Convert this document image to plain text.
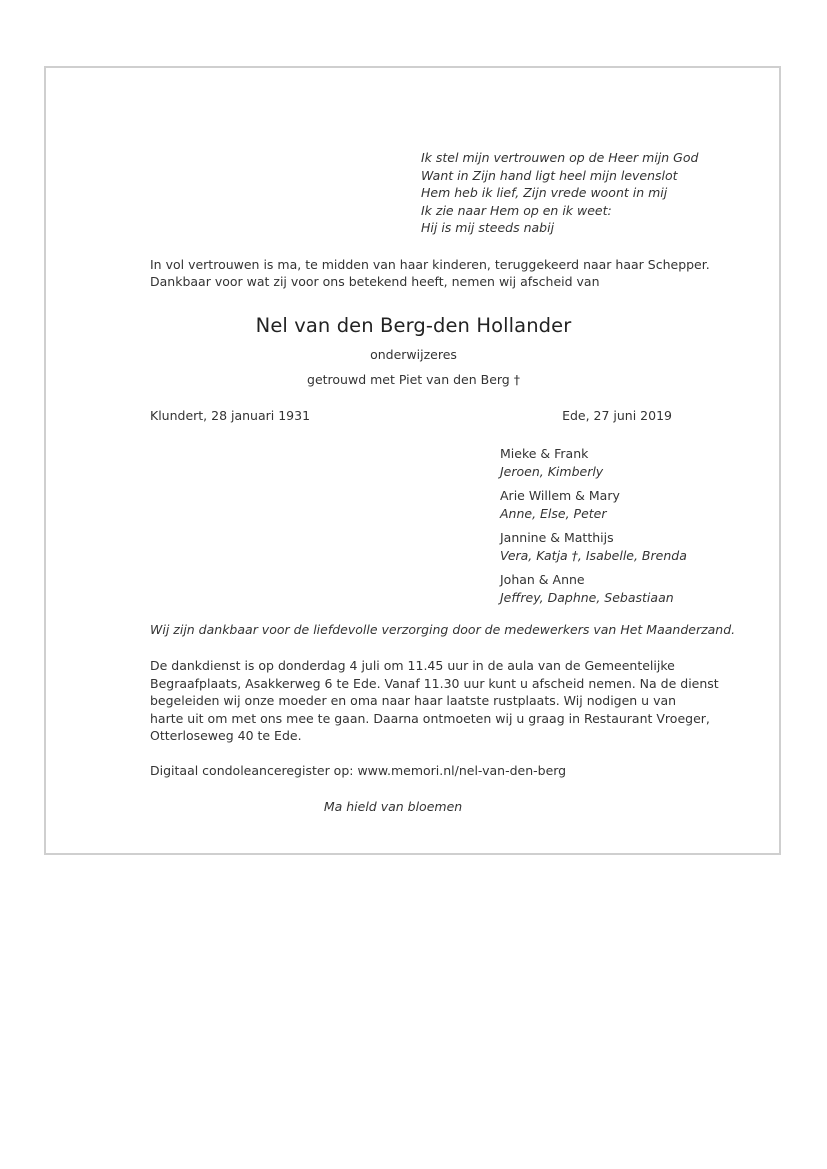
Ik stel mijn vertrouwen op de Heer mijn God
Want in Zijn hand ligt heel mijn levenslot
Hem heb ik lief, Zijn vrede woont in mij
Ik zie naar Hem op en ik weet:
Hij is mij steeds nabij
In vol vertrouwen is ma, te midden van haar kinderen, teruggekeerd naar haar Schepper.
Dankbaar voor wat zij voor ons betekend heeft, nemen wij afscheid van
Nel van den Berg-den Hollander
onderwijzeres
getrouwd met Piet van den Berg †
Klundert, 28 januari 1931	Ede, 27 juni 2019
Mieke & Frank
Jeroen, Kimberly
Arie Willem & Mary
Anne, Else, Peter
Jannine & Matthijs
Vera, Katja †, Isabelle, Brenda
Johan & Anne
Jeffrey, Daphne, Sebastiaan
Wij zijn dankbaar voor de liefdevolle verzorging door de medewerkers van Het Maanderzand.
De dankdienst is op donderdag 4 juli om 11.45 uur in de aula van de Gemeentelijke
Begraafplaats, Asakkerweg 6 te Ede. Vanaf 11.30 uur kunt u afscheid nemen. Na de dienst
begeleiden wij onze moeder en oma naar haar laatste rustplaats. Wij nodigen u van
harte uit om met ons mee te gaan. Daarna ontmoeten wij u graag in Restaurant Vroeger,
Otterloseweg 40 te Ede.
Digitaal condoleanceregister op: www.memori.nl/nel-van-den-berg
Ma hield van bloemen
